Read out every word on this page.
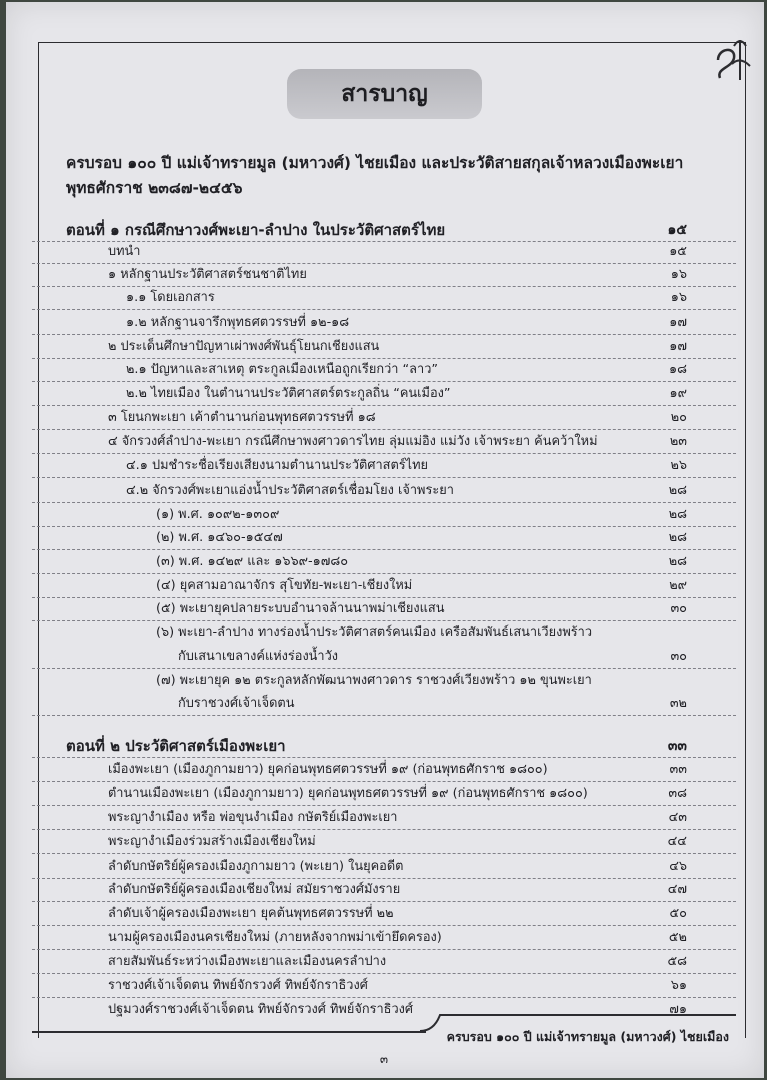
สารบาญ
ครบรอบ ๑๐๐ ปี แม่เจ้าทรายมูล (มหาวงศ์) ไชยเมือง และประวัติสายสกุลเจ้าหลวงเมืองพะเยา
พุทธศักราช ๒๓๘๗-๒๔๕๖
ตอนที่ ๑ กรณีศึกษาวงศ์พะเยา-ลำปาง ในประวัติศาสตร์ไทย	๑๕
บทนำ	๑๕
๑ หลักฐานประวัติศาสตร์ชนชาติไทย	๑๖
๑.๑ โดยเอกสาร	๑๖
๑.๒ หลักฐานจารึกพุทธศตวรรษที่ ๑๒-๑๘	๑๗
๒ ประเด็นศึกษาปัญหาเผ่าพงศ์พันธุ์โยนกเชียงแสน	๑๗
๒.๑ ปัญหาและสาเหตุ ตระกูลเมืองเหนือถูกเรียกว่า “ลาว”	๑๘
๒.๒ ไทยเมือง ในตำนานประวัติศาสตร์ตระกูลถิ่น “คนเมือง”	๑๙
๓ โยนกพะเยา เค้าตำนานก่อนพุทธศตวรรษที่ ๑๘	๒๐
๔ จักรวงศ์ลำปาง-พะเยา กรณีศึกษาพงศาวดารไทย ลุ่มแม่อิง แม่วัง เจ้าพระยา ค้นคว้าใหม่	๒๓
๔.๑ ปมชำระชื่อเรียงเสียงนามตำนานประวัติศาสตร์ไทย	๒๖
๔.๒ จักรวงศ์พะเยาแอ่งน้ำประวัติศาสตร์เชื่อมโยง เจ้าพระยา	๒๘
(๑) พ.ศ. ๑๐๙๒-๑๓๐๙	๒๘
(๒) พ.ศ. ๑๔๖๐-๑๕๔๗	๒๘
(๓) พ.ศ. ๑๔๒๙ และ ๑๖๖๙-๑๗๘๐	๒๘
(๔) ยุคสามอาณาจักร สุโขทัย-พะเยา-เชียงใหม่	๒๙
(๕) พะเยายุคปลายระบบอำนาจล้านนาพม่าเชียงแสน	๓๐
(๖) พะเยา-ลำปาง ทางร่องน้ำประวัติศาสตร์คนเมือง เครือสัมพันธ์เสนาเวียงพร้าว
กับเสนาเขลางค์แห่งร่องน้ำวัง	๓๐
(๗) พะเยายุค ๑๒ ตระกูลหลักพัฒนาพงศาวดาร ราชวงศ์เวียงพร้าว ๑๒ ขุนพะเยา
กับราชวงศ์เจ้าเจ็ดตน	๓๒
ตอนที่ ๒ ประวัติศาสตร์เมืองพะเยา	๓๓
เมืองพะเยา (เมืองภูกามยาว) ยุคก่อนพุทธศตวรรษที่ ๑๙ (ก่อนพุทธศักราช ๑๘๐๐)	๓๓
ตำนานเมืองพะเยา (เมืองภูกามยาว) ยุคก่อนพุทธศตวรรษที่ ๑๙ (ก่อนพุทธศักราช ๑๘๐๐)	๓๘
พระญางำเมือง หรือ พ่อขุนงำเมือง กษัตริย์เมืองพะเยา	๔๓
พระญางำเมืองร่วมสร้างเมืองเชียงใหม่	๔๔
ลำดับกษัตริย์ผู้ครองเมืองภูกามยาว (พะเยา) ในยุคอดีต	๔๖
ลำดับกษัตริย์ผู้ครองเมืองเชียงใหม่ สมัยราชวงศ์มังราย	๔๗
ลำดับเจ้าผู้ครองเมืองพะเยา ยุคต้นพุทธศตวรรษที่ ๒๒	๕๐
นามผู้ครองเมืองนครเชียงใหม่ (ภายหลังจากพม่าเข้ายึดครอง)	๕๒
สายสัมพันธ์ระหว่างเมืองพะเยาและเมืองนครลำปาง	๕๘
ราชวงศ์เจ้าเจ็ดตน ทิพย์จักรวงศ์ ทิพย์จักราธิวงศ์	๖๑
ปฐมวงศ์ราชวงศ์เจ้าเจ็ดตน ทิพย์จักรวงศ์ ทิพย์จักราธิวงศ์	๗๑
ครบรอบ ๑๐๐ ปี แม่เจ้าทรายมูล (มหาวงศ์) ไชยเมือง
๓
